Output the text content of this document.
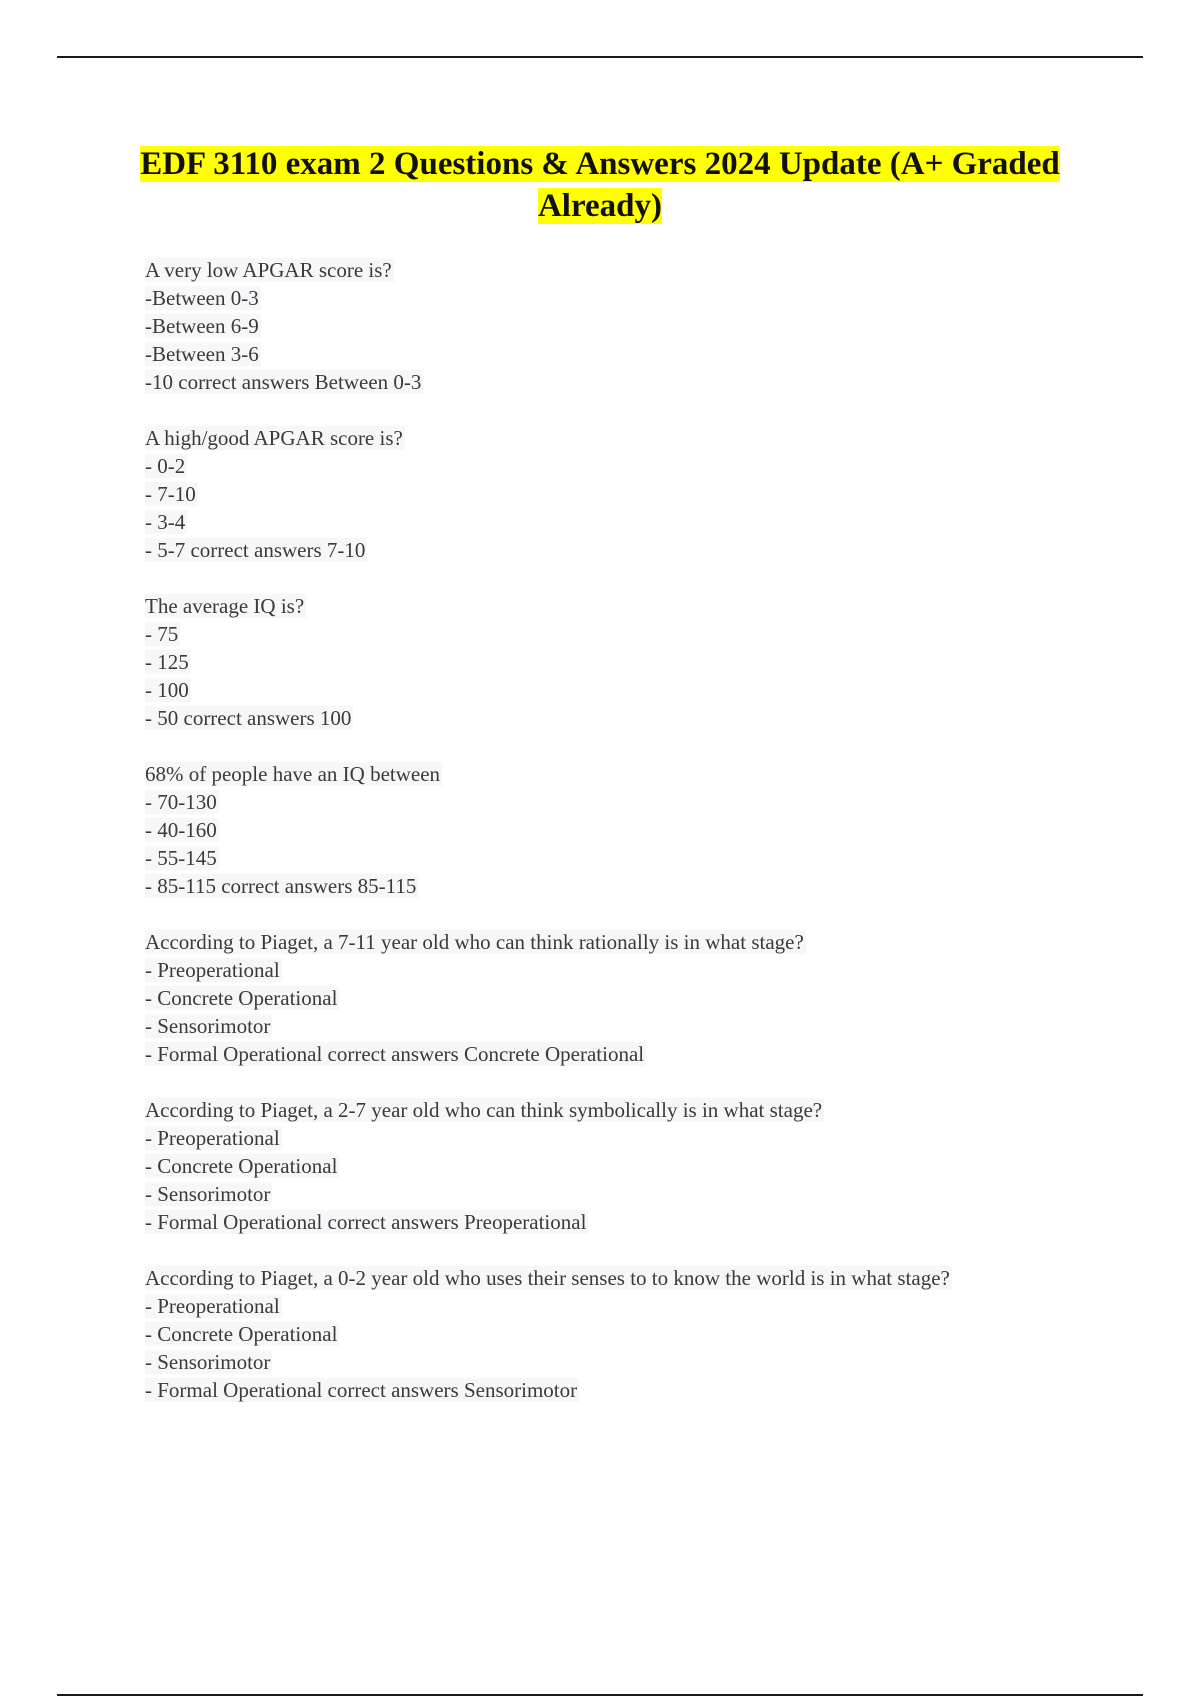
EDF 3110 exam 2 Questions & Answers 2024 Update (A+ Graded Already)
A very low APGAR score is?
-Between 0-3
-Between 6-9
-Between 3-6
-10 correct answers Between 0-3
A high/good APGAR score is?
- 0-2
- 7-10
- 3-4
- 5-7 correct answers 7-10
The average IQ is?
- 75
- 125
- 100
- 50 correct answers 100
68% of people have an IQ between
- 70-130
- 40-160
- 55-145
- 85-115 correct answers 85-115
According to Piaget, a 7-11 year old who can think rationally is in what stage?
- Preoperational
- Concrete Operational
- Sensorimotor
- Formal Operational correct answers Concrete Operational
According to Piaget, a 2-7 year old who can think symbolically is in what stage?
- Preoperational
- Concrete Operational
- Sensorimotor
- Formal Operational correct answers Preoperational
According to Piaget, a 0-2 year old who uses their senses to to know the world is in what stage?
- Preoperational
- Concrete Operational
- Sensorimotor
- Formal Operational correct answers Sensorimotor
